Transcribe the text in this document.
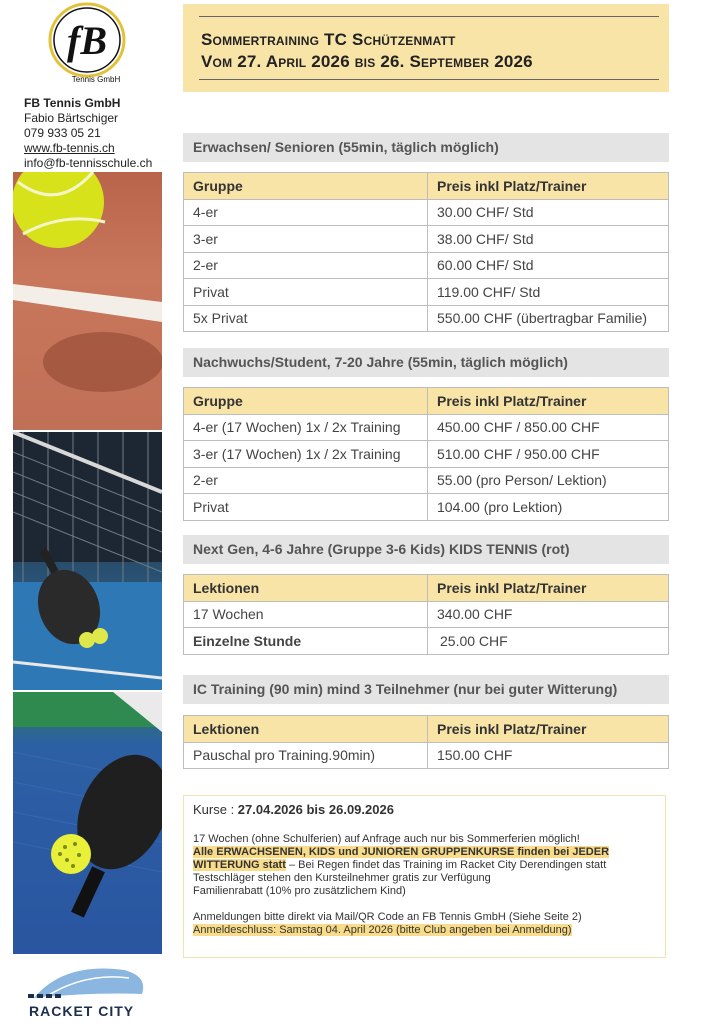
fB
Tennis GmbH
FB Tennis GmbH
Fabio Bärtschiger
079 933 05 21
www.fb-tennis.ch
info@fb-tennisschule.ch
RACKET CITY
Sommertraining TC Schützenmatt
Vom 27. April 2026 bis 26. September 2026
Erwachsen/ Senioren (55min, täglich möglich)
Gruppe	Preis inkl Platz/Trainer
4-er	30.00 CHF/ Std
3-er	38.00 CHF/ Std
2-er	60.00 CHF/ Std
Privat	119.00 CHF/ Std
5x Privat	550.00 CHF (übertragbar Familie)
Nachwuchs/Student, 7-20 Jahre (55min, täglich möglich)
Gruppe	Preis inkl Platz/Trainer
4-er (17 Wochen) 1x / 2x Training	450.00 CHF / 850.00 CHF
3-er (17 Wochen) 1x / 2x Training	510.00 CHF / 950.00 CHF
2-er	55.00 (pro Person/ Lektion)
Privat	104.00 (pro Lektion)
Next Gen, 4-6 Jahre (Gruppe 3-6 Kids) KIDS TENNIS (rot)
Lektionen	Preis inkl Platz/Trainer
17 Wochen	340.00 CHF
Einzelne Stunde	25.00 CHF
IC Training (90 min) mind 3 Teilnehmer (nur bei guter Witterung)
Lektionen	Preis inkl Platz/Trainer
Pauschal pro Training.90min)	150.00 CHF
Kurse : 27.04.2026 bis 26.09.2026
17 Wochen (ohne Schulferien) auf Anfrage auch nur bis Sommerferien möglich!
Alle ERWACHSENEN, KIDS und JUNIOREN GRUPPENKURSE finden bei JEDER WITTERUNG statt – Bei Regen findet das Training im Racket City Derendingen statt
Testschläger stehen den Kursteilnehmer gratis zur Verfügung
Familienrabatt (10% pro zusätzlichem Kind)
Anmeldungen bitte direkt via Mail/QR Code an FB Tennis GmbH (Siehe Seite 2)
Anmeldeschluss: Samstag 04. April 2026 (bitte Club angeben bei Anmeldung)
